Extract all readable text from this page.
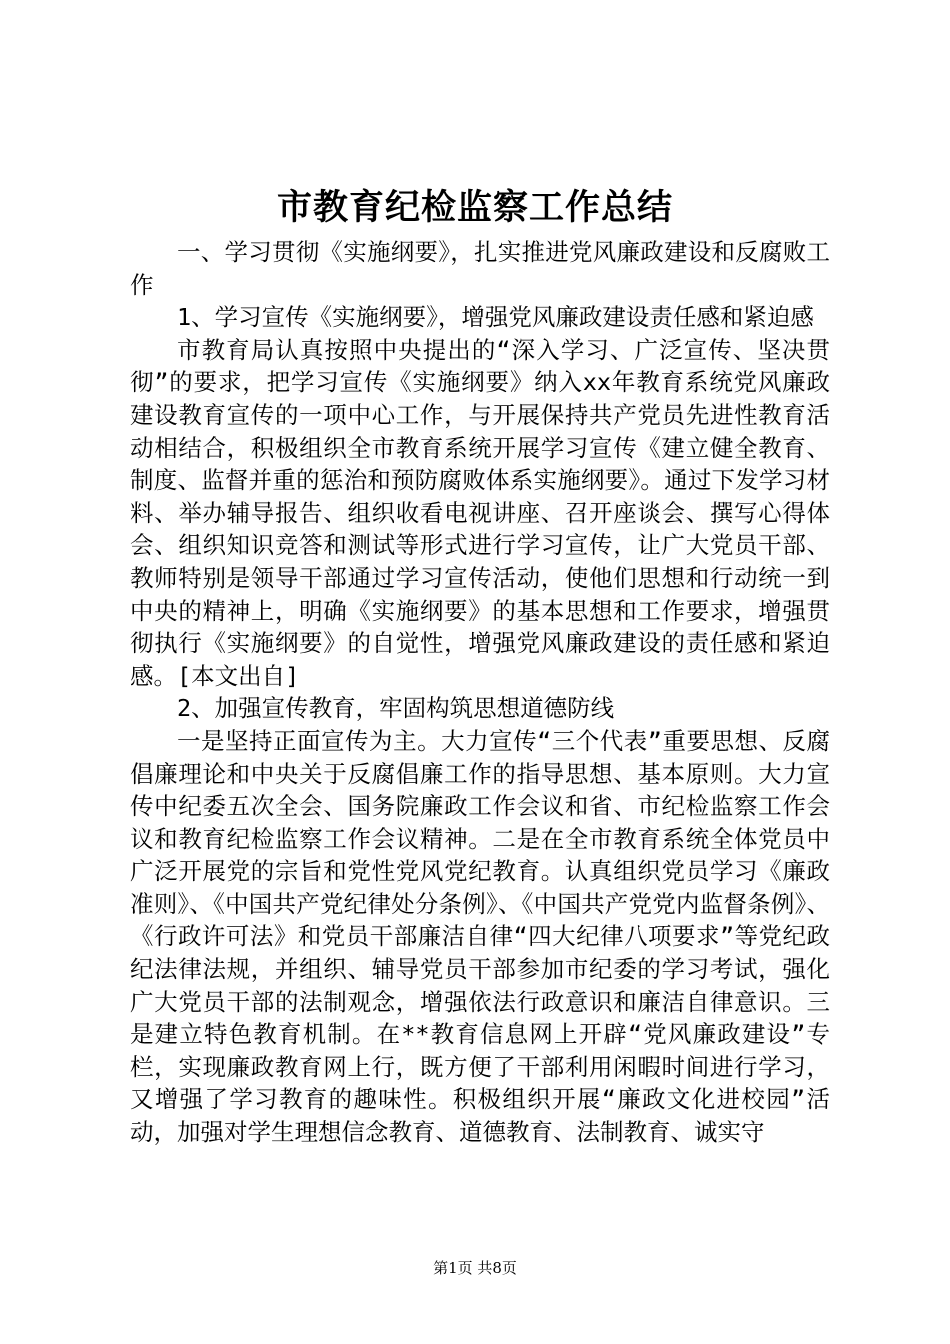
市教育纪检监察工作总结

一、学习贯彻《实施纲要》，扎实推进党风廉政建设和反腐败工作

1、学习宣传《实施纲要》，增强党风廉政建设责任感和紧迫感

市教育局认真按照中央提出的“深入学习、广泛宣传、坚决贯彻”的要求，把学习宣传《实施纲要》纳入xx年教育系统党风廉政建设教育宣传的一项中心工作，与开展保持共产党员先进性教育活动相结合，积极组织全市教育系统开展学习宣传《建立健全教育、制度、监督并重的惩治和预防腐败体系实施纲要》。通过下发学习材料、举办辅导报告、组织收看电视讲座、召开座谈会、撰写心得体会、组织知识竞答和测试等形式进行学习宣传，让广大党员干部、教师特别是领导干部通过学习宣传活动，使他们思想和行动统一到中央的精神上，明确《实施纲要》的基本思想和工作要求，增强贯彻执行《实施纲要》的自觉性，增强党风廉政建设的责任感和紧迫感。[本文出自]

2、加强宣传教育，牢固构筑思想道德防线

一是坚持正面宣传为主。大力宣传“三个代表”重要思想、反腐倡廉理论和中央关于反腐倡廉工作的指导思想、基本原则。大力宣传中纪委五次全会、国务院廉政工作会议和省、市纪检监察工作会议和教育纪检监察工作会议精神。二是在全市教育系统全体党员中广泛开展党的宗旨和党性党风党纪教育。认真组织党员学习《廉政准则》、《中国共产党纪律处分条例》、《中国共产党党内监督条例》、《行政许可法》和党员干部廉洁自律“四大纪律八项要求”等党纪政纪法律法规，并组织、辅导党员干部参加市纪委的学习考试，强化广大党员干部的法制观念，增强依法行政意识和廉洁自律意识。三是建立特色教育机制。在**教育信息网上开辟“党风廉政建设”专栏，实现廉政教育网上行，既方便了干部利用闲暇时间进行学习，又增强了学习教育的趣味性。积极组织开展“廉政文化进校园”活动，加强对学生理想信念教育、道德教育、法制教育、诚实守

第1页 共8页
